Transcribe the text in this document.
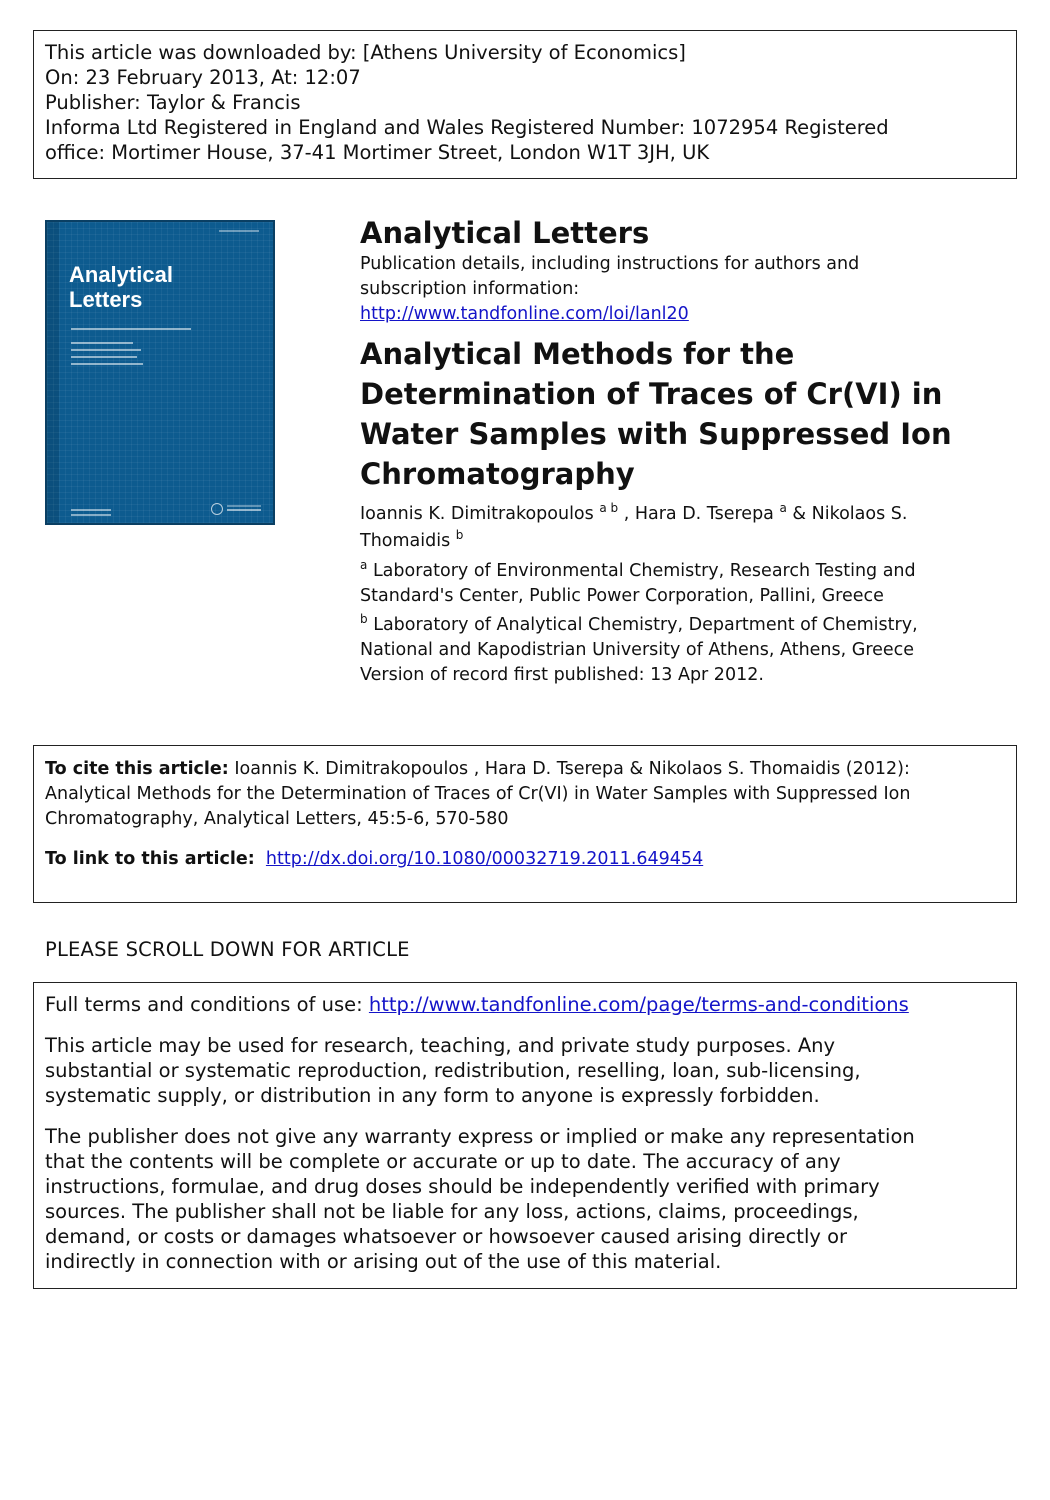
This article was downloaded by: [Athens University of Economics]
On: 23 February 2013, At: 12:07
Publisher: Taylor & Francis
Informa Ltd Registered in England and Wales Registered Number: 1072954 Registered
office: Mortimer House, 37-41 Mortimer Street, London W1T 3JH, UK
Analytical
Letters
Analytical Letters
Publication details, including instructions for authors and
subscription information:
http://www.tandfonline.com/loi/lanl20
Analytical Methods for the
Determination of Traces of Cr(VI) in
Water Samples with Suppressed Ion
Chromatography
Ioannis K. Dimitrakopoulos $^{a b}$ , Hara D. Tserepa $^a$ & Nikolaos S.
Thomaidis $^b$
$^a$ Laboratory of Environmental Chemistry, Research Testing and
Standard's Center, Public Power Corporation, Pallini, Greece
$^b$ Laboratory of Analytical Chemistry, Department of Chemistry,
National and Kapodistrian University of Athens, Athens, Greece
Version of record first published: 13 Apr 2012.
To cite this article: Ioannis K. Dimitrakopoulos , Hara D. Tserepa & Nikolaos S. Thomaidis (2012):
Analytical Methods for the Determination of Traces of Cr(VI) in Water Samples with Suppressed Ion
Chromatography, Analytical Letters, 45:5-6, 570-580
To link to this article: http://dx.doi.org/10.1080/00032719.2011.649454
PLEASE SCROLL DOWN FOR ARTICLE

Full terms and conditions of use: http://www.tandfonline.com/page/terms-and-conditions

This article may be used for research, teaching, and private study purposes. Any
substantial or systematic reproduction, redistribution, reselling, loan, sub-licensing,
systematic supply, or distribution in any form to anyone is expressly forbidden.

The publisher does not give any warranty express or implied or make any representation
that the contents will be complete or accurate or up to date. The accuracy of any
instructions, formulae, and drug doses should be independently verified with primary
sources. The publisher shall not be liable for any loss, actions, claims, proceedings,
demand, or costs or damages whatsoever or howsoever caused arising directly or
indirectly in connection with or arising out of the use of this material.
